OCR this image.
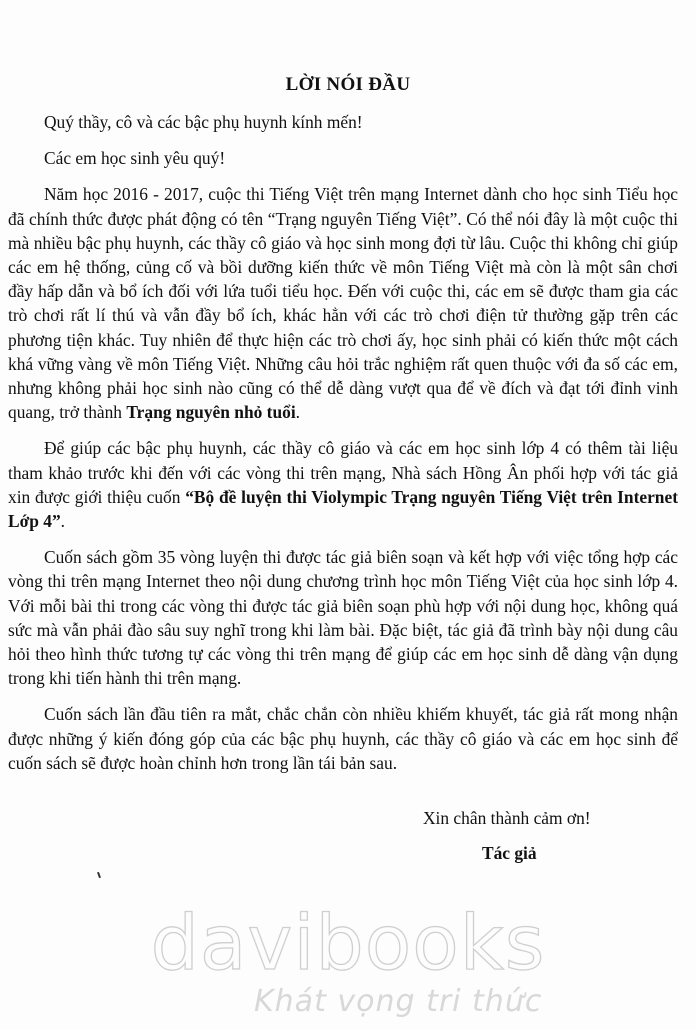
LỜI NÓI ĐẦU

Quý thầy, cô và các bậc phụ huynh kính mến!

Các em học sinh yêu quý!

Năm học 2016 - 2017, cuộc thi Tiếng Việt trên mạng Internet dành cho học sinh Tiểu học đã chính thức được phát động có tên “Trạng nguyên Tiếng Việt”. Có thể nói đây là một cuộc thi mà nhiều bậc phụ huynh, các thầy cô giáo và học sinh mong đợi từ lâu. Cuộc thi không chỉ giúp các em hệ thống, củng cố và bồi dưỡng kiến thức về môn Tiếng Việt mà còn là một sân chơi đầy hấp dẫn và bổ ích đối với lứa tuổi tiểu học. Đến với cuộc thi, các em sẽ được tham gia các trò chơi rất lí thú và vẫn đầy bổ ích, khác hẳn với các trò chơi điện tử thường gặp trên các phương tiện khác. Tuy nhiên để thực hiện các trò chơi ấy, học sinh phải có kiến thức một cách khá vững vàng về môn Tiếng Việt. Những câu hỏi trắc nghiệm rất quen thuộc với đa số các em, nhưng không phải học sinh nào cũng có thể dễ dàng vượt qua để về đích và đạt tới đỉnh vinh quang, trở thành Trạng nguyên nhỏ tuổi.

Để giúp các bậc phụ huynh, các thầy cô giáo và các em học sinh lớp 4 có thêm tài liệu tham khảo trước khi đến với các vòng thi trên mạng, Nhà sách Hồng Ân phối hợp với tác giả xin được giới thiệu cuốn “Bộ đề luyện thi Violympic Trạng nguyên Tiếng Việt trên Internet Lớp 4”.

Cuốn sách gồm 35 vòng luyện thi được tác giả biên soạn và kết hợp với việc tổng hợp các vòng thi trên mạng Internet theo nội dung chương trình học môn Tiếng Việt của học sinh lớp 4. Với mỗi bài thi trong các vòng thi được tác giả biên soạn phù hợp với nội dung học, không quá sức mà vẫn phải đào sâu suy nghĩ trong khi làm bài. Đặc biệt, tác giả đã trình bày nội dung câu hỏi theo hình thức tương tự các vòng thi trên mạng để giúp các em học sinh dễ dàng vận dụng trong khi tiến hành thi trên mạng.

Cuốn sách lần đầu tiên ra mắt, chắc chắn còn nhiều khiếm khuyết, tác giả rất mong nhận được những ý kiến đóng góp của các bậc phụ huynh, các thầy cô giáo và các em học sinh để cuốn sách sẽ được hoàn chỉnh hơn trong lần tái bản sau.

Xin chân thành cảm ơn!
Tác giả
davibooks
Khát vọng tri thức
